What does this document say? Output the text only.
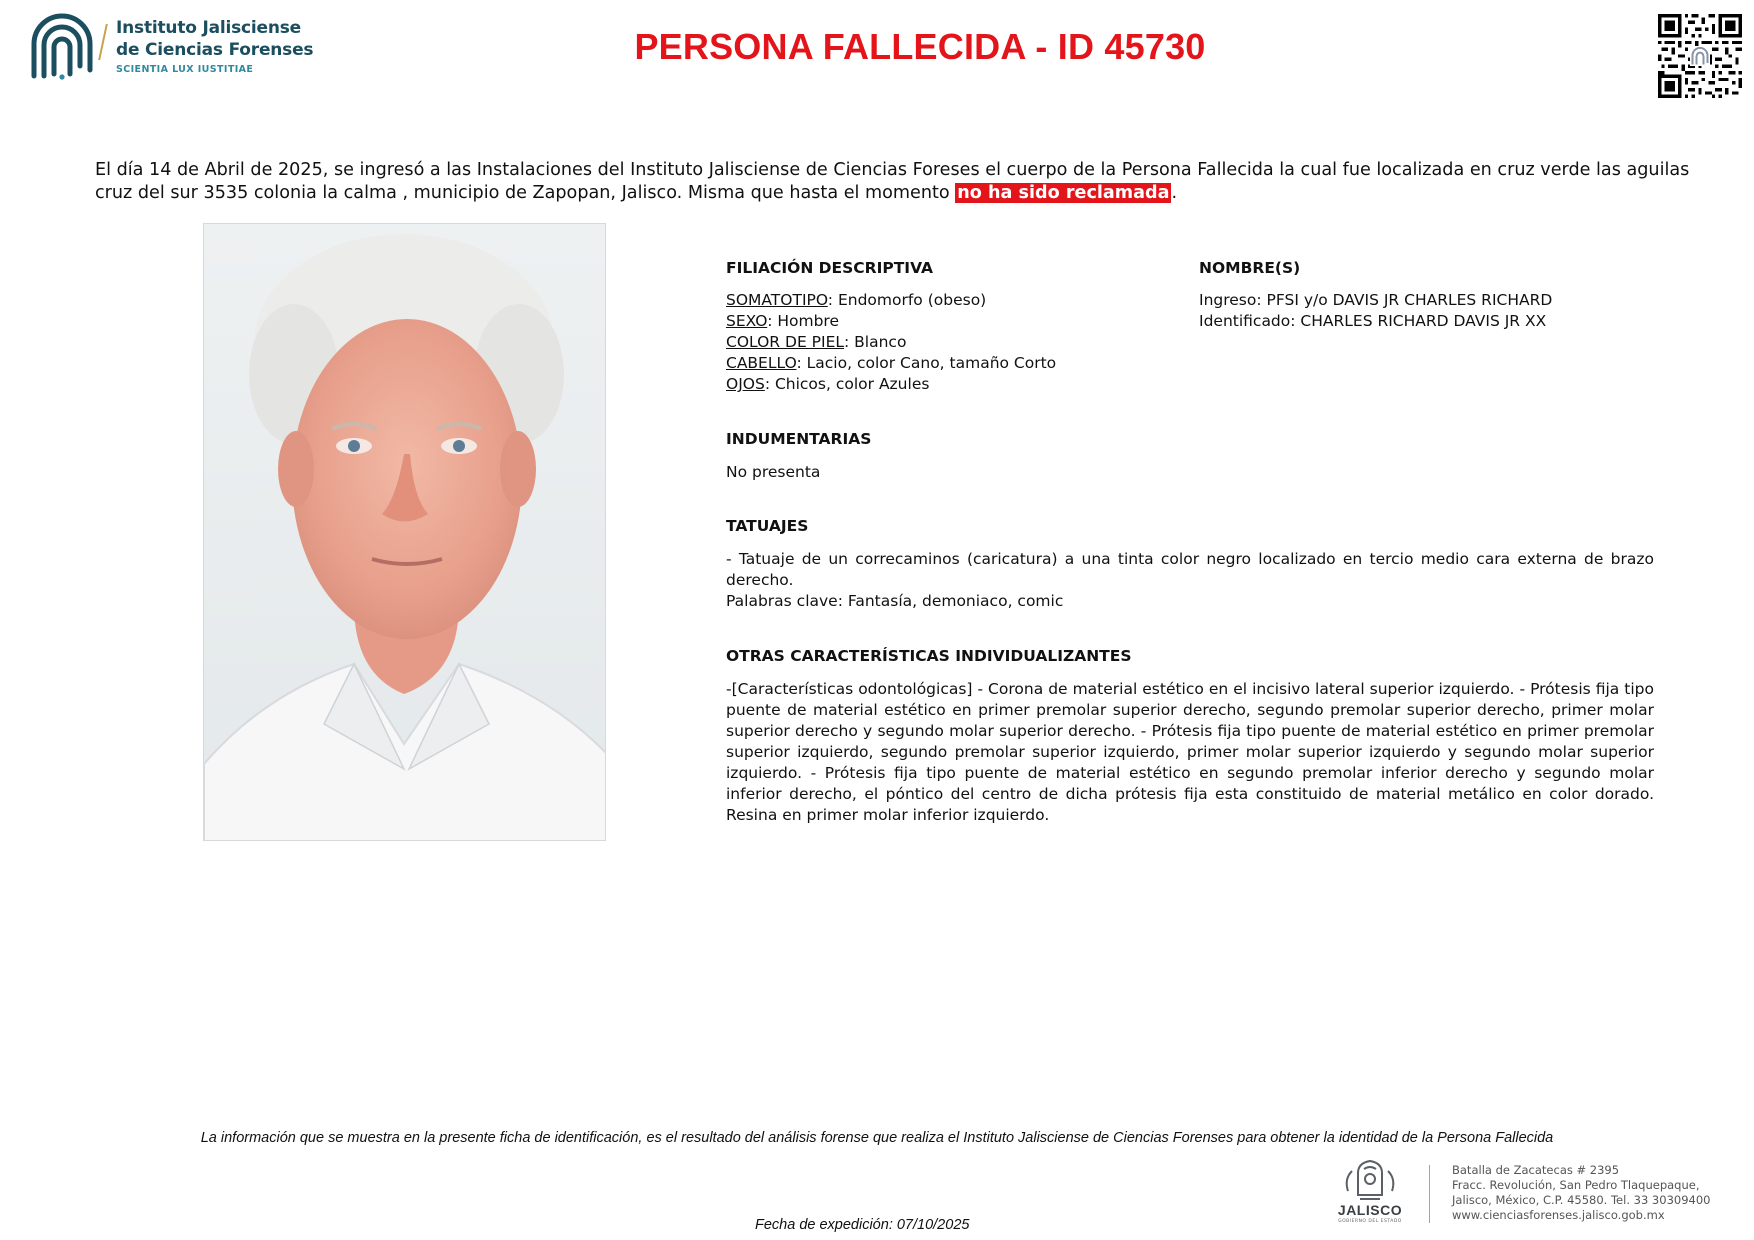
Instituto Jalisciense
de Ciencias Forenses
SCIENTIA LUX IUSTITIAE
PERSONA FALLECIDA - ID 45730
El día 14 de Abril de 2025, se ingresó a las Instalaciones del Instituto Jalisciense de Ciencias Foreses el cuerpo de la Persona Fallecida la cual fue localizada en cruz verde las aguilas cruz del sur 3535 colonia la calma , municipio de Zapopan, Jalisco. Misma que hasta el momento no ha sido reclamada .
FILIACIÓN DESCRIPTIVA
SOMATOTIPO: Endomorfo (obeso)
SEXO: Hombre
COLOR DE PIEL: Blanco
CABELLO: Lacio, color Cano, tamaño Corto
OJOS: Chicos, color Azules
NOMBRE(S)
Ingreso: PFSI y/o DAVIS JR CHARLES RICHARD
Identificado: CHARLES RICHARD DAVIS JR XX
INDUMENTARIAS
No presenta
TATUAJES
- Tatuaje de un correcaminos (caricatura) a una tinta color negro localizado en tercio medio cara externa de brazo derecho.
Palabras clave: Fantasía, demoniaco, comic
OTRAS CARACTERÍSTICAS INDIVIDUALIZANTES
-[Características odontológicas] - Corona de material estético en el incisivo lateral superior izquierdo. - Prótesis fija tipo puente de material estético en primer premolar superior derecho, segundo premolar superior derecho, primer molar superior derecho y segundo molar superior derecho. - Prótesis fija tipo puente de material estético en primer premolar superior izquierdo, segundo premolar superior izquierdo, primer molar superior izquierdo y segundo molar superior izquierdo. - Prótesis fija tipo puente de material estético en segundo premolar inferior derecho y segundo molar inferior derecho, el póntico del centro de dicha prótesis fija esta constituido de material metálico en color dorado. Resina en primer molar inferior izquierdo.
La información que se muestra en la presente ficha de identificación, es el resultado del análisis forense que realiza el Instituto Jalisciense de Ciencias Forenses para obtener la identidad de la Persona Fallecida
Fecha de expedición: 07/10/2025
JALISCO
GOBIERNO DEL ESTADO
Batalla de Zacatecas # 2395
Fracc. Revolución, San Pedro Tlaquepaque,
Jalisco, México, C.P. 45580. Tel. 33 30309400
www.cienciasforenses.jalisco.gob.mx
